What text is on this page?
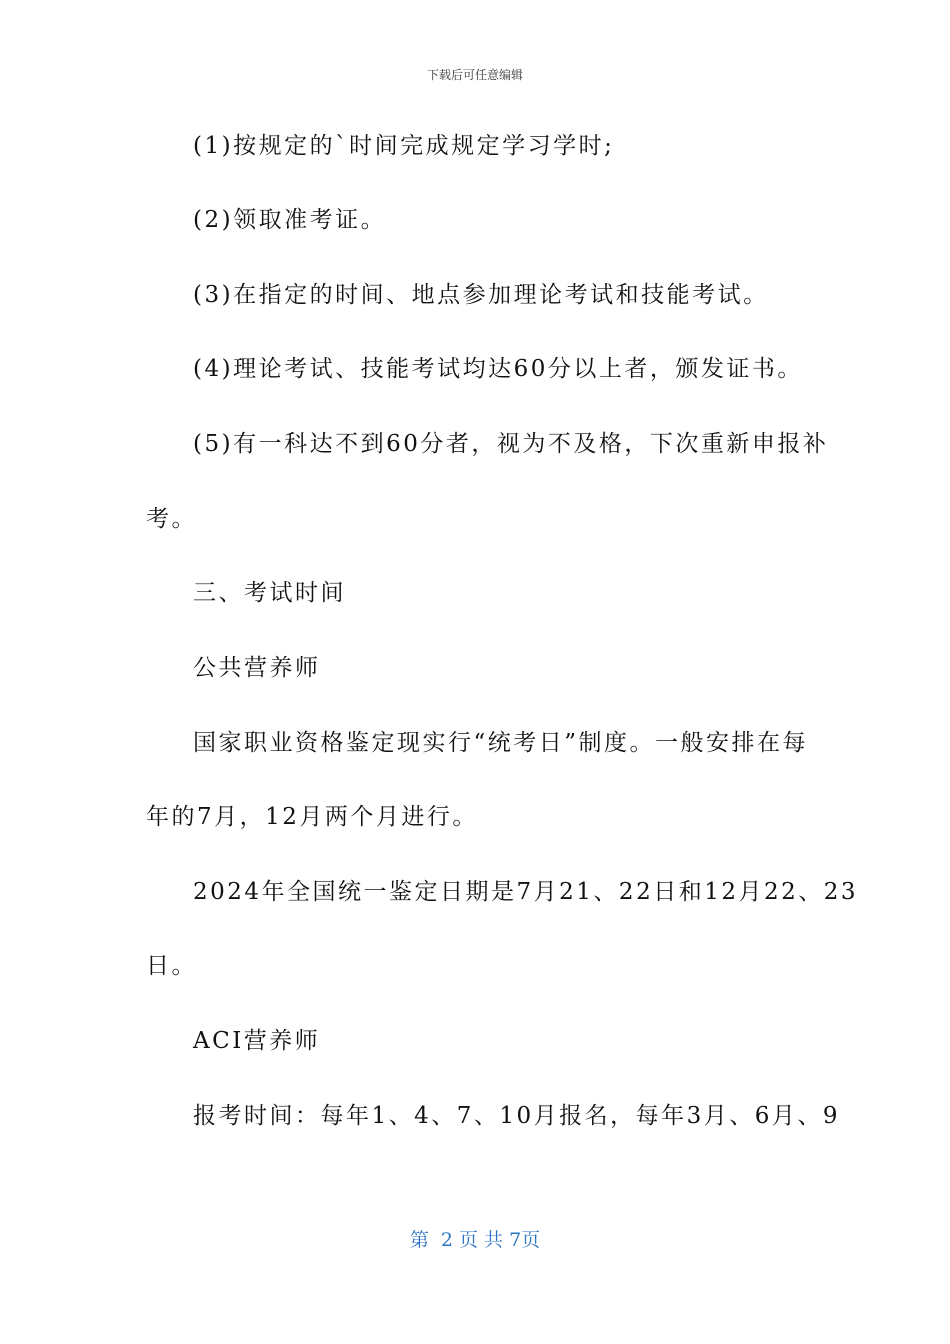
下载后可任意编辑
(1)按规定的`时间完成规定学习学时;
(2)领取准考证。
(3)在指定的时间、地点参加理论考试和技能考试。
(4)理论考试、技能考试均达60分以上者，颁发证书。
(5)有一科达不到60分者，视为不及格，下次重新申报补
考。
三、考试时间
公共营养师
国家职业资格鉴定现实行“统考日”制度。一般安排在每
年的7月，12月两个月进行。
2024年全国统一鉴定日期是7月21、22日和12月22、23
日。
ACI营养师
报考时间：每年1、4、7、10月报名，每年3月、6月、9
第  2 页 共 7页
